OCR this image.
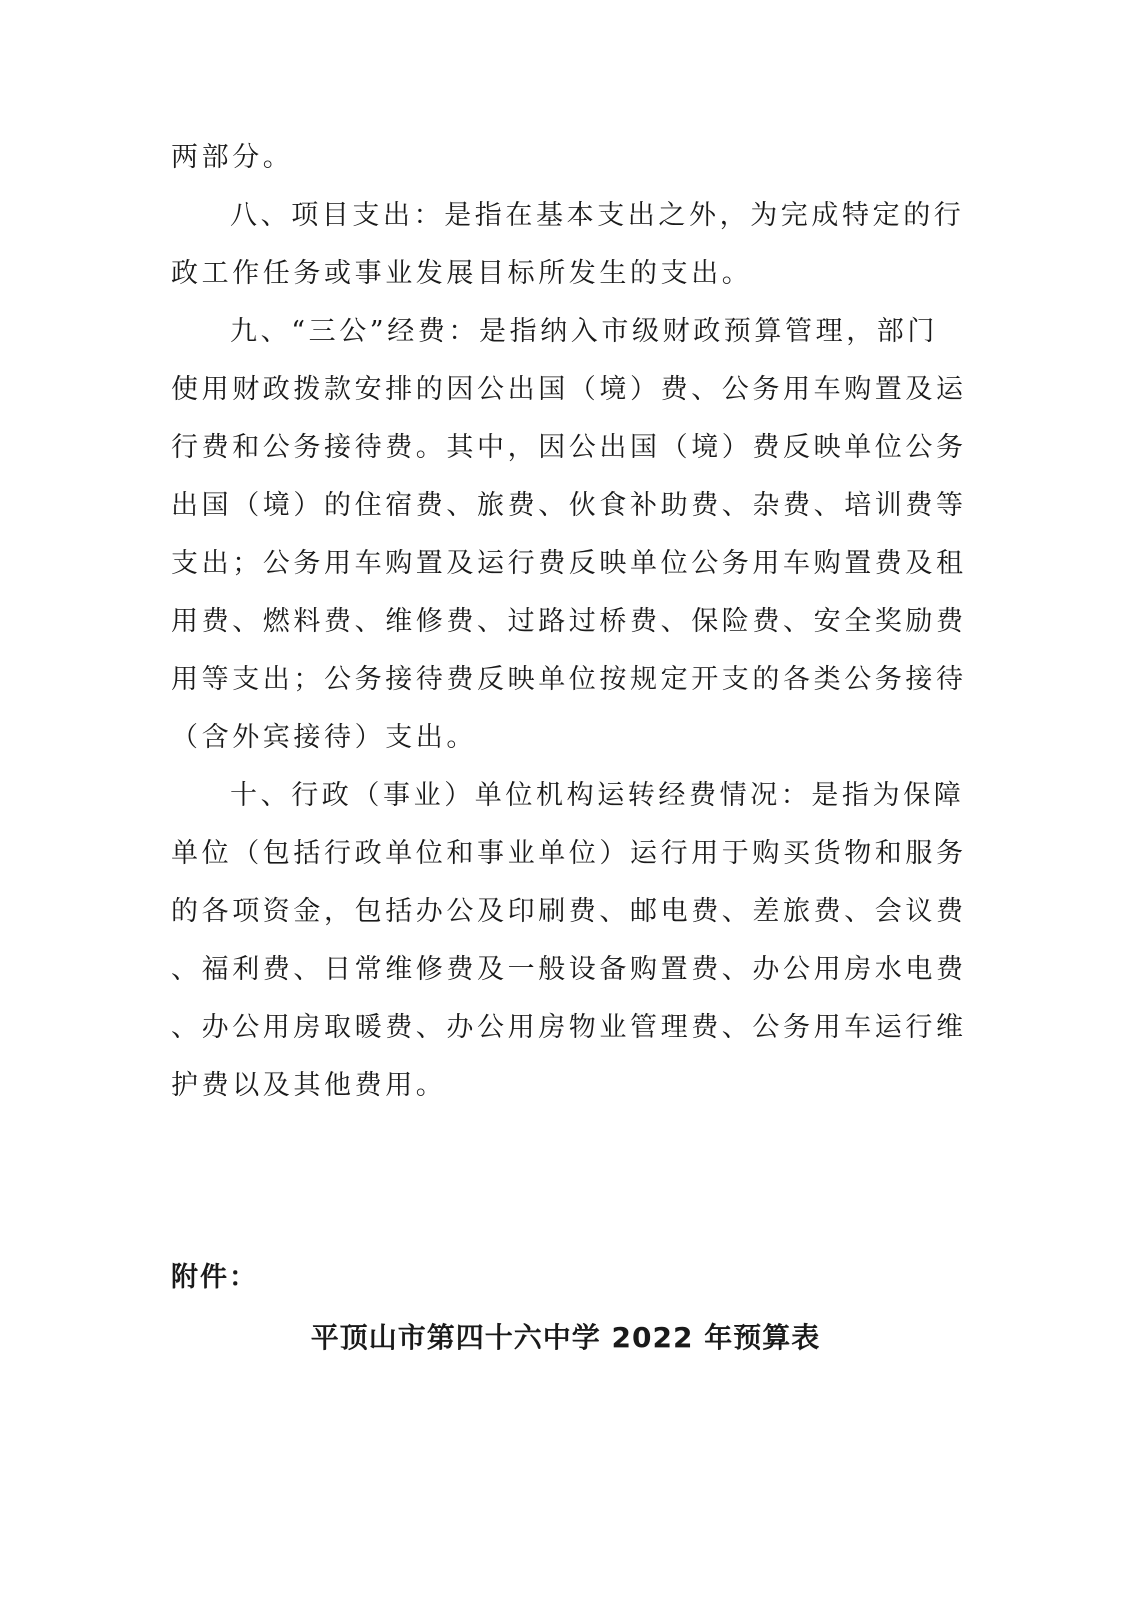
两部分。
八、项目支出：是指在基本支出之外，为完成特定的行
政工作任务或事业发展目标所发生的支出。
九、“三公”经费：是指纳入市级财政预算管理，部门
使用财政拨款安排的因公出国（境）费、公务用车购置及运
行费和公务接待费。其中，因公出国（境）费反映单位公务
出国（境）的住宿费、旅费、伙食补助费、杂费、培训费等
支出；公务用车购置及运行费反映单位公务用车购置费及租
用费、燃料费、维修费、过路过桥费、保险费、安全奖励费
用等支出；公务接待费反映单位按规定开支的各类公务接待
（含外宾接待）支出。
十、行政（事业）单位机构运转经费情况：是指为保障
单位（包括行政单位和事业单位）运行用于购买货物和服务
的各项资金，包括办公及印刷费、邮电费、差旅费、会议费
、福利费、日常维修费及一般设备购置费、办公用房水电费
、办公用房取暖费、办公用房物业管理费、公务用车运行维
护费以及其他费用。
附件：
平顶山市第四十六中学 2022 年预算表
